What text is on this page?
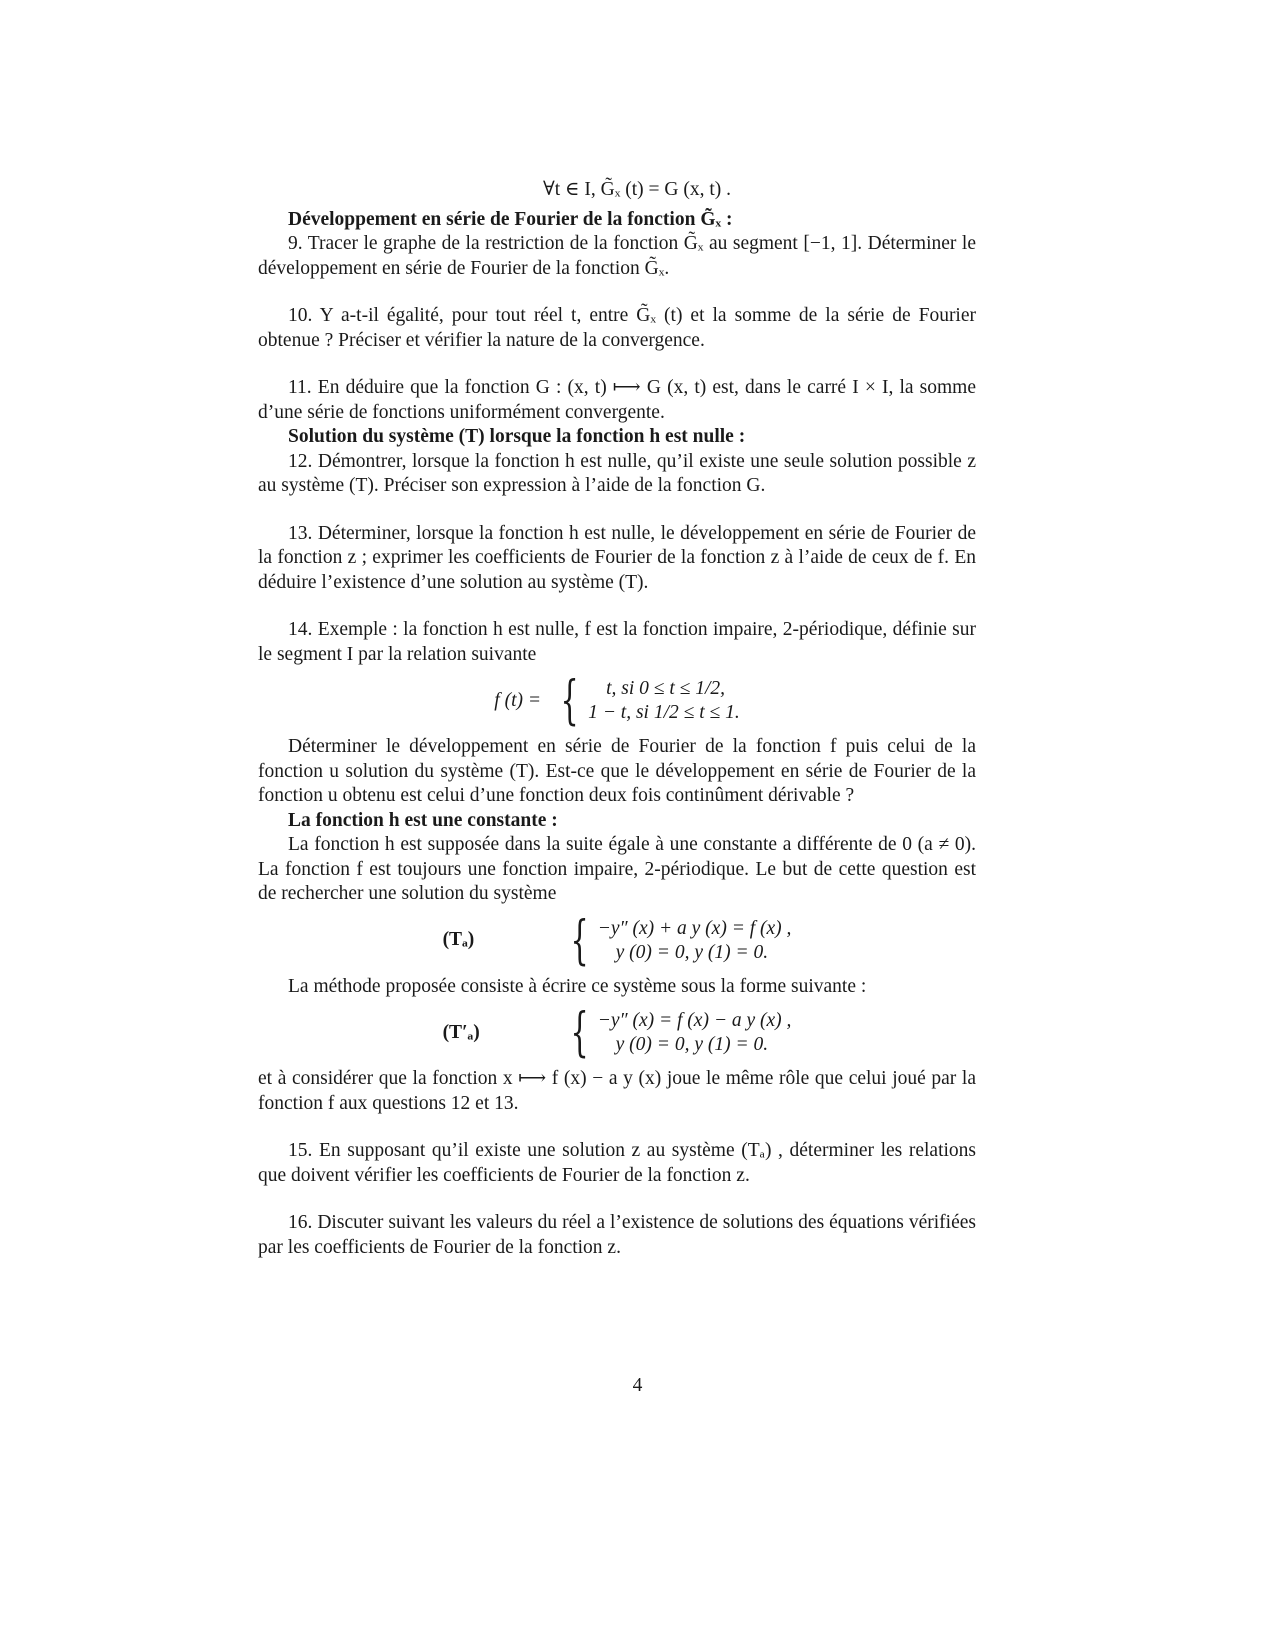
∀t ∈ I, G̃ₓ (t) = G (x, t) .

Développement en série de Fourier de la fonction G̃ₓ :

9. Tracer le graphe de la restriction de la fonction G̃ₓ au segment [−1, 1]. Déterminer le développement en série de Fourier de la fonction G̃ₓ.

10. Y a-t-il égalité, pour tout réel t, entre G̃ₓ (t) et la somme de la série de Fourier obtenue ? Préciser et vérifier la nature de la convergence.

11. En déduire que la fonction G : (x, t) ⟼ G (x, t) est, dans le carré I × I, la somme d’une série de fonctions uniformément convergente.

Solution du système (T) lorsque la fonction h est nulle :

12. Démontrer, lorsque la fonction h est nulle, qu’il existe une seule solution possible z au système (T). Préciser son expression à l’aide de la fonction G.

13. Déterminer, lorsque la fonction h est nulle, le développement en série de Fourier de la fonction z ; exprimer les coefficients de Fourier de la fonction z à l’aide de ceux de f. En déduire l’existence d’une solution au système (T).

14. Exemple : la fonction h est nulle, f est la fonction impaire, 2-périodique, définie sur le segment I par la relation suivante

f (t) = {	t, si 0 ≤ t ≤ 1/2,
1 − t, si 1/2 ≤ t ≤ 1.

Déterminer le développement en série de Fourier de la fonction f puis celui de la fonction u solution du système (T). Est-ce que le développement en série de Fourier de la fonction u obtenu est celui d’une fonction deux fois continûment dérivable ?

La fonction h est une constante :

La fonction h est supposée dans la suite égale à une constante a différente de 0 (a ≠ 0). La fonction f est toujours une fonction impaire, 2-périodique. Le but de cette question est de rechercher une solution du système

(Tₐ)	{ −y″ (x) + a y (x) = f (x) ,
y (0) = 0, y (1) = 0.

La méthode proposée consiste à écrire ce système sous la forme suivante :

(T′ₐ)	{ −y″ (x) = f (x) − a y (x) ,
y (0) = 0, y (1) = 0.

et à considérer que la fonction x ⟼ f (x) − a y (x) joue le même rôle que celui joué par la fonction f aux questions 12 et 13.

15. En supposant qu’il existe une solution z au système (Tₐ) , déterminer les relations que doivent vérifier les coefficients de Fourier de la fonction z.

16. Discuter suivant les valeurs du réel a l’existence de solutions des équations vérifiées par les coefficients de Fourier de la fonction z.

4
